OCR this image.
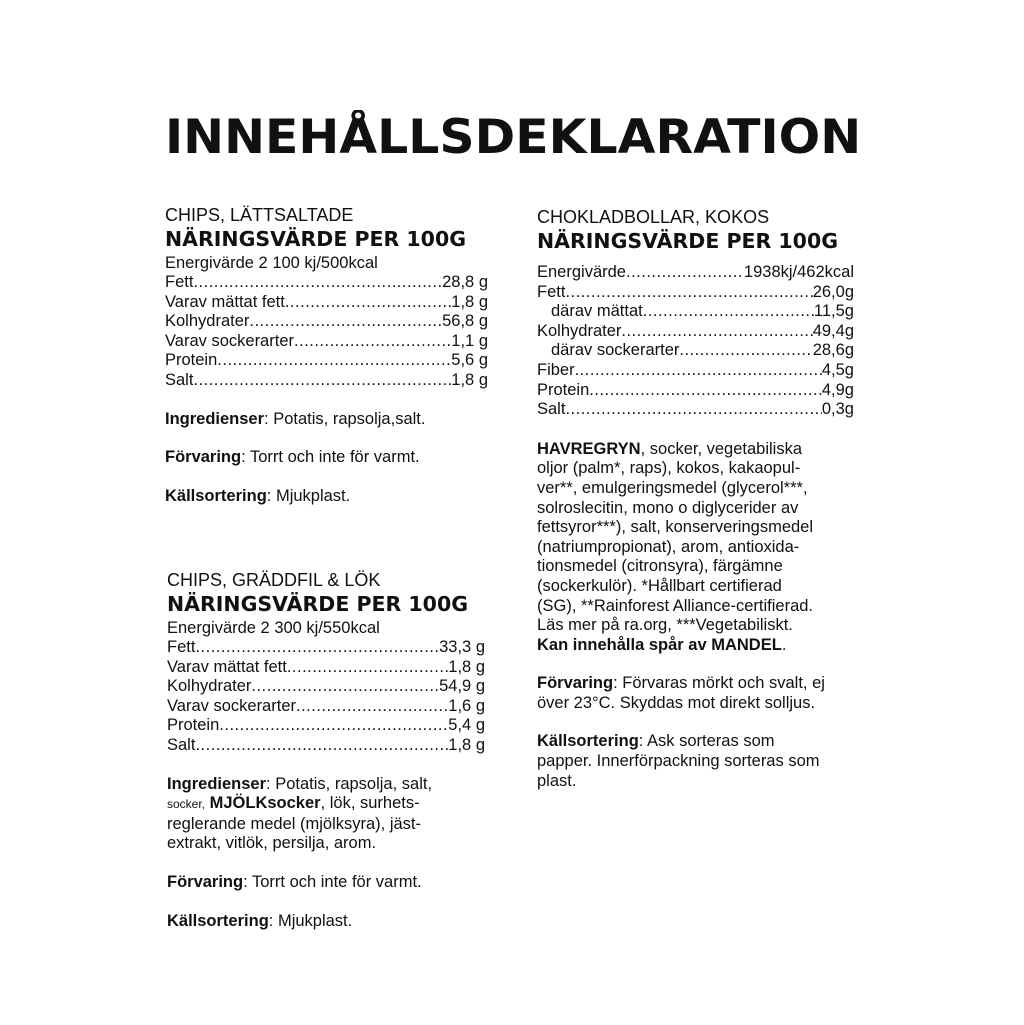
INNEHÅLLSDEKLARATION
CHIPS, LÄTTSALTADE
NÄRINGSVÄRDE PER 100G
Energivärde 2 100 kj/500kcal
Fett .....	28,8 g
Varav mättat fett .....	1,8 g
Kolhydrater .....	56,8 g
Varav sockerarter .....	1,1 g
Protein .....	5,6 g
Salt .....	1,8 g
Ingredienser: Potatis, rapsolja,salt.
Förvaring: Torrt och inte för varmt.
Källsortering: Mjukplast.
CHIPS, GRÄDDFIL & LÖK
NÄRINGSVÄRDE PER 100G
Energivärde 2 300 kj/550kcal
Fett .....	33,3 g
Varav mättat fett .....	1,8 g
Kolhydrater .....	54,9 g
Varav sockerarter .....	1,6 g
Protein .....	5,4 g
Salt .....	1,8 g
Ingredienser: Potatis, rapsolja, salt,
socker, MJÖLKsocker, lök, surhets-
reglerande medel (mjölksyra), jäst-
extrakt, vitlök, persilja, arom.
Förvaring: Torrt och inte för varmt.
Källsortering: Mjukplast.
CHOKLADBOLLAR, KOKOS
NÄRINGSVÄRDE PER 100G
Energivärde .....	1938kj/462kcal
Fett .....	26,0g
därav mättat .....	11,5g
Kolhydrater .....	49,4g
därav sockerarter .....	28,6g
Fiber .....	4,5g
Protein .....	4,9g
Salt .....	0,3g
HAVREGRYN, socker, vegetabiliska
oljor (palm*, raps), kokos, kakaopul-
ver**, emulgeringsmedel (glycerol***,
solroslecitin, mono o diglycerider av
fettsyror***), salt, konserveringsmedel
(natriumpropionat), arom, antioxida-
tionsmedel (citronsyra), färgämne
(sockerkulör). *Hållbart certifierad
(SG), **Rainforest Alliance-certifierad.
Läs mer på ra.org, ***Vegetabiliskt.
Kan innehålla spår av MANDEL.
Förvaring: Förvaras mörkt och svalt, ej
över 23°C. Skyddas mot direkt solljus.
Källsortering: Ask sorteras som
papper. Innerförpackning sorteras som
plast.
